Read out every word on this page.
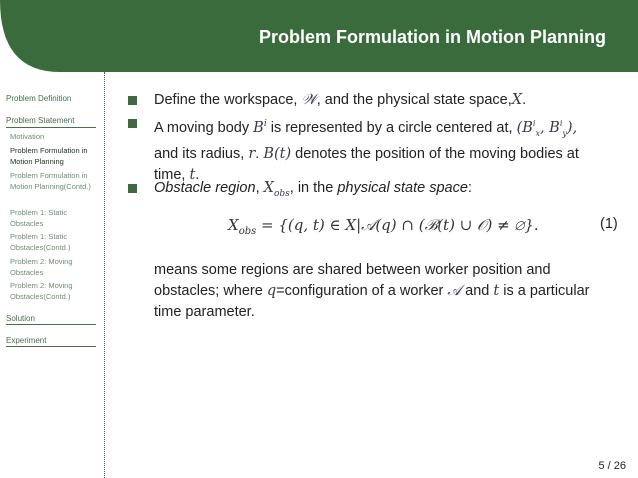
Problem Formulation in Motion Planning
Problem Definition
Problem Statement
Motivation
Problem Formulation in Motion Planning
Problem Formulation in Motion Planning(Contd.)
Problem 1: Static Obstacles
Problem 1: Static Obstacles(Contd.)
Problem 2: Moving Obstacles
Problem 2: Moving Obstacles(Contd.)
Solution
Experiment
Define the workspace, 𝒲, and the physical state space,X.
A moving body $B^i$ is represented by a circle centered at, ($B^i_x$, $B^i_y$),
and its radius, r. B(t) denotes the position of the moving bodies at
time, t.
Obstacle region, $X_{obs}$, in the physical state space:
$X_{obs} = \{(q$, t) ∈ X|𝒜(q) ∩ (ℬ(t) ∪ 𝒪) ≠ ∅}.	(1)
means some regions are shared between worker position and
obstacles; where q=configuration of a worker 𝒜 and t is a particular
time parameter.
5 / 26
